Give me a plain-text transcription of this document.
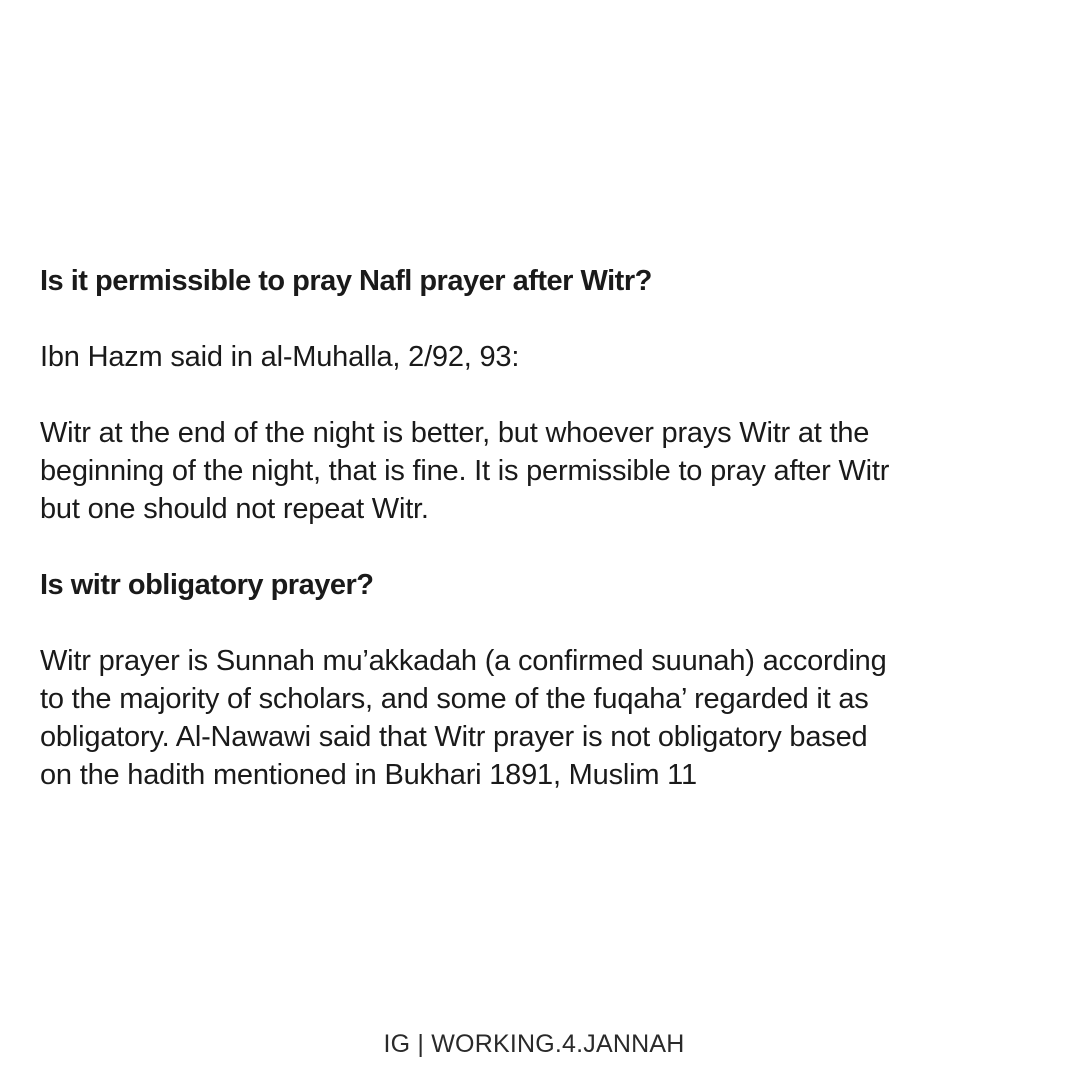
Is it permissible to pray Nafl prayer after Witr?

Ibn Hazm said in al-Muhalla, 2/92, 93:

Witr at the end of the night is better, but whoever prays Witr at the
beginning of the night, that is fine. It is permissible to pray after Witr
but one should not repeat Witr.
Is witr obligatory prayer?
Witr prayer is Sunnah mu’akkadah (a confirmed suunah) according
to the majority of scholars, and some of the fuqaha’ regarded it as
obligatory. Al-Nawawi said that Witr prayer is not obligatory based
on the hadith mentioned in Bukhari 1891, Muslim 11
IG | WORKING.4.JANNAH
